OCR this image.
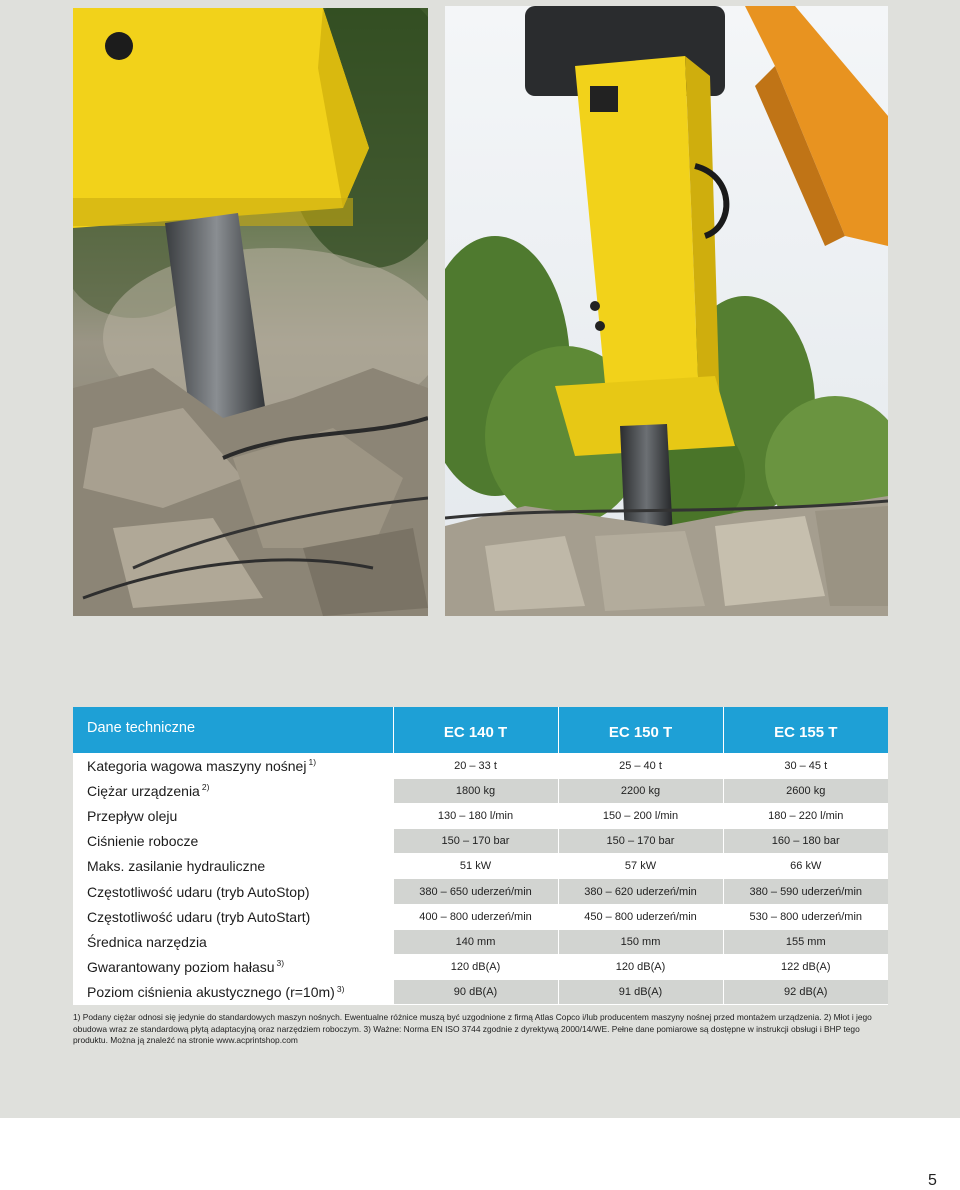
Dane techniczne	EC 140 T	EC 150 T	EC 155 T
Kategoria wagowa maszyny nośnej $^{1)}$	20 – 33 t	25 – 40 t	30 – 45 t
Ciężar urządzenia $^{2)}$	1800 kg	2200 kg	2600 kg
Przepływ oleju	130 – 180 l/min	150 – 200 l/min	180 – 220 l/min
Ciśnienie robocze	150 – 170 bar	150 – 170 bar	160 – 180 bar
Maks. zasilanie hydrauliczne	51 kW	57 kW	66 kW
Częstotliwość udaru (tryb AutoStop)	380 – 650 uderzeń/min	380 – 620 uderzeń/min	380 – 590 uderzeń/min
Częstotliwość udaru (tryb AutoStart)	400 – 800 uderzeń/min	450 – 800 uderzeń/min	530 – 800 uderzeń/min
Średnica narzędzia	140 mm	150 mm	155 mm
Gwarantowany poziom hałasu $^{3)}$	120 dB(A)	120 dB(A)	122 dB(A)
Poziom ciśnienia akustycznego (r=10m) $^{3)}$	90 dB(A)	91 dB(A)	92 dB(A)

1) Podany ciężar odnosi się jedynie do standardowych maszyn nośnych. Ewentualne różnice muszą być uzgodnione z firmą Atlas Copco i/lub producentem maszyny nośnej przed montażem urządzenia. 2) Młot i jego obudowa wraz ze standardową płytą adaptacyjną oraz narzędziem roboczym. 3) Ważne: Norma EN ISO 3744 zgodnie z dyrektywą 2000/14/WE. Pełne dane pomiarowe są dostępne w instrukcji obsługi i BHP tego produktu. Można ją znaleźć na stronie www.acprintshop.com

5
